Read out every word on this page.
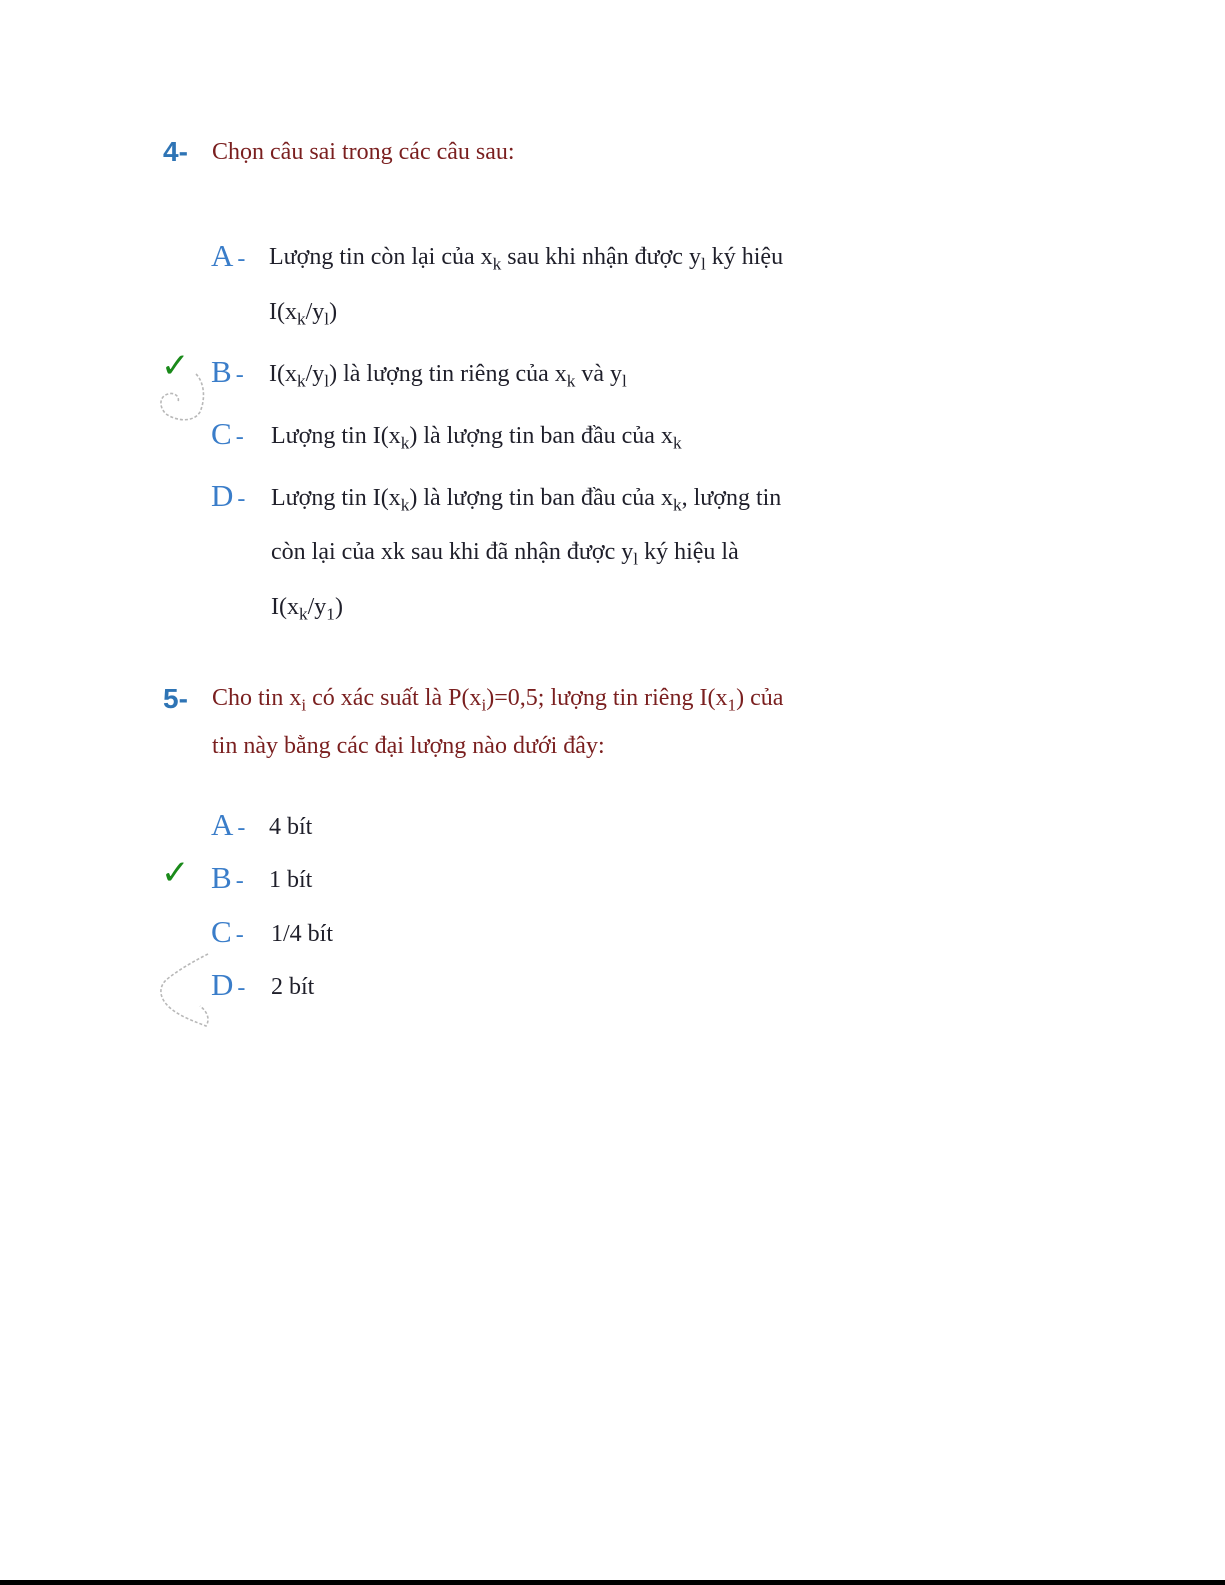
4- Chọn câu sai trong các câu sau:
A - Lượng tin còn lại của $x_k$ sau khi nhận được $y_l$ ký hiệu
$I(x_k/y_l)$
✓ B - $I(x_k/y_l)$ là lượng tin riêng của $x_k$ và $y_l$
C - Lượng tin $I(x_k)$ là lượng tin ban đầu của $x_k$
D - Lượng tin $I(x_k)$ là lượng tin ban đầu của $x_k$, lượng tin
còn lại của xk sau khi đã nhận được $y_l$ ký hiệu là
$I(x_k/y_1)$
5- Cho tin $x_i$ có xác suất là $P(x_i)=0,5$; lượng tin riêng $I(x_1)$ của
tin này bằng các đại lượng nào dưới đây:
A - 4 bít
✓ B - 1 bít
C - 1/4 bít
D - 2 bít
